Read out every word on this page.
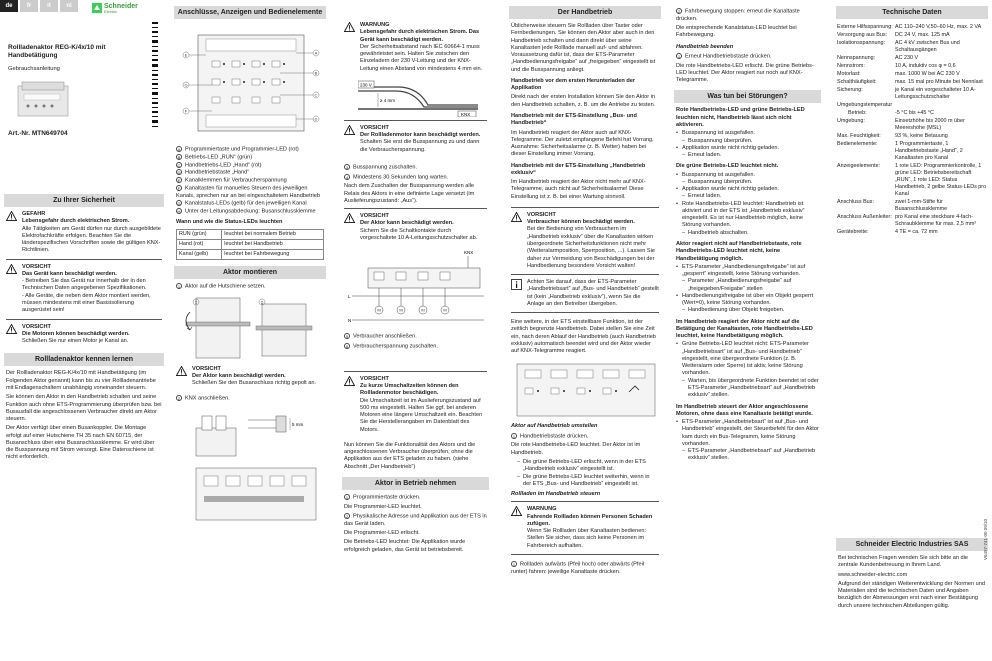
de	fr	it	nl	Schneider
Electric
Rollladenaktor REG-K/4x/10 mit Handbetätigung
Gebrauchsanleitung
Art.-Nr. MTN649704
Zu Ihrer Sicherheit
GEFAHR
Lebensgefahr durch elektrischen Strom.
Alle Tätigkeiten am Gerät dürfen nur durch ausgebildete Elektrofachkräfte erfolgen. Beachten Sie die länderspezifischen Vorschriften sowie die gültigen KNX-Richtlinien.
VORSICHT
Das Gerät kann beschädigt werden.
- Betreiben Sie das Gerät nur innerhalb der in den Technischen Daten angegebenen Spezifikationen.
- Alle Geräte, die neben dem Aktor montiert werden, müssen mindestens mit einer Basisisolierung ausgerüstet sein!
VORSICHT
Die Motoren können beschädigt werden.
Schließen Sie nur einen Motor je Kanal an.
Rollladenaktor kennen lernen
Der Rollladenaktor REG-K/4x/10 mit Handbetätigung (im Folgenden Aktor genannt) kann bis zu vier Rollladenantriebe mit Endlagenschaltern unabhängig voneinander steuern.
Sie können den Aktor in den Handbetrieb schalten und seine Funktion auch ohne ETS-Programmierung überprüfen bzw. bei Busausfall die angeschlossenen Verbraucher direkt am Aktor steuern.
Der Aktor verfügt über einen Busankoppler. Die Montage erfolgt auf einer Hutschiene TH 35 nach EN 60715, der Busanschluss über eine Busanschlussklemme. Er wird über die Busspannung mit Strom versorgt. Eine Datenschiene ist nicht erforderlich.
Anschlüsse, Anzeigen und Bedienelemente
E
G
F
A
B
C
D
A Programmiertaste und Programmier-LED (rot)
B Betriebs-LED „RUN“ (grün)
C Handbetriebs-LED „Hand“ (rot)
D Handbetriebstaste „Hand“
E Kanalklemmen für Verbraucherspannung
F Kanaltasten für manuelles Steuern des jeweiligen Kanals, sprechen nur an bei eingeschaltetem Handbetrieb
G Kanalstatus-LEDs (gelb) für den jeweiligen Kanal
H Unter der Leitungsabdeckung: Busanschlussklemme
Wann und wie die Status-LEDs leuchten
RUN (grün)	leuchtet bei normalem Betrieb
Hand (rot)	leuchtet bei Handbetrieb
Kanal (gelb)	leuchtet bei Fahrbewegung
Aktor montieren
1 Aktor auf die Hutschiene setzen.
1	2
VORSICHT
Der Aktor kann beschädigt werden.
Schließen Sie den Busanschluss richtig gepolt an.
2 KNX anschließen.
5 mm
WARNUNG
Lebensgefahr durch elektrischen Strom. Das Gerät kann beschädigt werden.
Der Sicherheitsabstand nach IEC 60664-1 muss gewährleistet sein. Halten Sie zwischen den Einzeladern der 230 V-Leitung und der KNX-Leitung einen Abstand von mindestens 4 mm ein.
230 V
≥ 4 mm
KNX
VORSICHT
Der Rollladenmotor kann beschädigt werden.
Schalten Sie erst die Busspannung zu und dann die Verbraucherspannung.
3 Busspannung zuschalten.
4 Mindestens 30 Sekunden lang warten.
Nach dem Zuschalten der Busspannung werden alle Relais des Aktors in eine definierte Lage versetzt (im Auslieferungszustand: „Aus“).
VORSICHT
Der Aktor kann beschädigt werden.
Sichern Sie die Schaltkontakte durch vorgeschaltete 10 A-Leitungsschutzschalter ab.
KNX
L
N
M	M	M	M
5 Verbraucher anschließen.
6 Verbraucherspannung zuschalten.
VORSICHT
Zu kurze Umschaltzeiten können den Rollladenmotor beschädigen.
Die Umschaltzeit ist im Auslieferungszustand auf 500 ms eingestellt. Halten Sie ggf. bei anderen Motoren eine längere Umschaltzeit ein. Beachten Sie die Herstellerangaben im Datenblatt des Motors.
Nun können Sie die Funktionalität des Aktors und die angeschlossenen Verbraucher überprüfen, ohne die Applikation aus der ETS geladen zu haben. (siehe Abschnitt „Der Handbetrieb“)
Aktor in Betrieb nehmen
1 Programmiertaste drücken.
Die Programmier-LED leuchtet.
2 Physikalische Adresse und Applikation aus der ETS in das Gerät laden.
Die Programmier-LED erlischt.
Die Betriebs-LED leuchtet: Die Applikation wurde erfolgreich geladen, das Gerät ist betriebsbereit.
Der Handbetrieb
Üblicherweise steuern Sie Rollladen über Taster oder Fernbedienungen. Sie können den Aktor aber auch in den Handbetrieb schalten und dann direkt über seine Kanaltasten jede Rolllade manuell auf- und abfahren. Voraussetzung dafür ist, dass der ETS-Parameter „Handbedienungsfreigabe“ auf „freigegeben“ eingestellt ist und die Busspannung anliegt.
Handbetrieb vor dem ersten Herunterladen der Applikation
Direkt nach der ersten Installation können Sie den Aktor in den Handbetrieb schalten, z. B. um die Antriebe zu testen.
Handbetrieb mit der ETS-Einstellung „Bus- und Handbetrieb“
Im Handbetrieb reagiert der Aktor auch auf KNX-Telegramme. Der zuletzt empfangene Befehl hat Vorrang. Ausnahme: Sicherheitsalarme (z. B. Wetter) haben bei dieser Einstellung immer Vorrang.
Handbetrieb mit der ETS-Einstellung „Handbetrieb exklusiv“
Im Handbetrieb reagiert der Aktor nicht mehr auf KNX-Telegramme, auch nicht auf Sicherheitsalarme! Diese Einstellung ist z. B. bei einer Wartung sinnvoll.
VORSICHT
Verbraucher können beschädigt werden.
Bei der Bedienung von Verbrauchern im „Handbetrieb exklusiv“ über die Kanaltasten wirken übergeordnete Sicherheitsfunktionen nicht mehr (Wetteralarmposition, Sperrposition, ...). Lassen Sie daher zur Vermeidung von Beschädigungen bei der Handbedienung besondere Vorsicht walten!
Achten Sie darauf, dass der ETS-Parameter „Handbetriebsart“ auf „Bus- und Handbetrieb“ gestellt ist (kein „Handbetrieb exklusiv“), wenn Sie die Anlage an den Betreiber übergeben.
Eine weitere, in der ETS einstellbare Funktion, ist der zeitlich begrenzte Handbetrieb. Dabei stellen Sie eine Zeit ein, nach deren Ablauf der Handbetrieb (auch Handbetrieb exklusiv) automatisch beendet wird und der Aktor wieder auf KNX-Telegramme reagiert.
Aktor auf Handbetrieb umstellen
1 Handbetriebstaste drücken.
Die rote Handbetriebs-LED leuchtet. Der Aktor ist im Handbetrieb.
– Die grüne Betriebs-LED erlischt, wenn in der ETS „Handbetrieb exklusiv“ eingestellt ist.
– Die grüne Betriebs-LED leuchtet weiterhin, wenn in der ETS „Bus- und Handbetrieb“ eingestellt ist.
Rollladen im Handbetrieb steuern
WARNUNG
Fahrende Rollladen können Personen Schaden zufügen.
Wenn Sie Rollladen über Kanaltasten bedienen: Stellen Sie sicher, dass sich keine Personen im Fahrbereich aufhalten.
1 Rollladen aufwärts (Pfeil hoch) oder abwärts (Pfeil runter) fahren: jeweilige Kanaltaste drücken.
2 Fahrbewegung stoppen: erneut die Kanaltaste drücken.
Die entsprechende Kanalstatus-LED leuchtet bei Fahrbewegung.
Handbetrieb beenden
1 Erneut Handbetriebstaste drücken.
Die rote Handbetriebs-LED erlischt. Die grüne Betriebs-LED leuchtet. Der Aktor reagiert nur noch auf KNX-Telegramme.
Was tun bei Störungen?
Rote Handbetriebs-LED und grüne Betriebs-LED leuchten nicht, Handbetrieb lässt sich nicht aktivieren.
• Busspannung ist ausgefallen.
– Busspannung überprüfen.
• Applikation wurde nicht richtig geladen.
– Erneut laden.
Die grüne Betriebs-LED leuchtet nicht.
• Busspannung ist ausgefallen.
– Busspannung überprüfen.
• Applikation wurde nicht richtig geladen.
– Erneut laden.
• Rote Handbetriebs-LED leuchtet: Handbetrieb ist aktiviert und in der ETS ist „Handbetrieb exklusiv“ eingestellt. Es ist nur Handbetrieb möglich, keine Störung vorhanden.
– Handbetrieb abschalten.
Aktor reagiert nicht auf Handbetriebstaste, rote Handbetriebs-LED leuchtet nicht, keine Handbetätigung möglich.
• ETS-Parameter „Handbedienungsfreigabe“ ist auf „gesperrt“ eingestellt, keine Störung vorhanden.
– Parameter „Handbedienungsfreigabe“ auf „freigegeben/Freigabe“ stellen
• Handbedienungsfreigabe ist über ein Objekt gesperrt (Wert=0), keine Störung vorhanden.
– Handbedienung über Objekt freigeben.
Im Handbetrieb reagiert der Aktor nicht auf die Betätigung der Kanaltasten, rote Handbetriebs-LED leuchtet, keine Handbetätigung möglich.
• Grüne Betriebs-LED leuchtet nicht: ETS-Parameter „Handbetriebsart“ ist auf „Bus- und Handbetrieb“ eingestellt, eine übergeordnete Funktion (z. B. Wetteralarm oder Sperre) ist aktiv, keine Störung vorhanden.
– Warten, bis übergeordnete Funktion beendet ist oder ETS-Parameter „Handbetriebsart“ auf „Handbetrieb exklusiv“ stellen.
Im Handbetrieb steuert der Aktor angeschlossene Motoren, ohne dass eine Kanaltaste betätigt wurde.
• ETS-Parameter „Handbetriebsart“ ist auf „Bus- und Handbetrieb“ eingestellt, der Steuerbefehl für den Aktor kam durch ein Bus-Telegramm, keine Störung vorhanden.
– ETS-Parameter „Handbetriebsart“ auf „Handbetrieb exklusiv“ stellen.
Technische Daten
Externe Hilfsspannung:	AC 110–240 V,50–60 Hz, max. 2 VA
Versorgung aus Bus:	DC 24 V, max. 125 mA
Isolationsspannung:	AC 4 kV zwischen Bus und Schaltausgängen
Nennspannung:	AC 230 V
Nennstrom:	10 A, induktiv cos φ = 0,6
Motorlast:	max. 1000 W bei AC 230 V
Schalthäufigkeit:	max. 15 mal pro Minute bei Nennlast
Sicherung:	je Kanal ein vorgeschalteter 10 A-Leitungsschutzschalter
Umgebungstemperatur	
Betrieb:	-5 °C bis +45 °C
Umgebung:	Einsetzhöhe bis 2000 m über Meereshöhe (MSL)
Max. Feuchtigkeit:	93 %, keine Betauung
Bedienelemente:	1 Programmiertaste, 1 Handbetriebstaste „Hand“, 2 Kanaltasten pro Kanal
Anzeigeelemente:	1 rote LED: Programmierkontrolle, 1 grüne LED: Betriebsbereitschaft „RUN“, 1 rote LED: Status Handbetrieb, 2 gelbe Status-LEDs pro Kanal
Anschluss Bus:	zwei 1-mm-Stifte für Busanschlussklemme
Anschluss Außenleiter:	pro Kanal eine steckbare 4-fach-Schraubklemme für max. 2,5 mm²
Gerätebreite:	4 TE = ca. 72 mm
Schneider Electric Industries SAS
Bei technischen Fragen wenden Sie sich bitte an die zentrale Kundenbetreuung in Ihrem Land.
www.schneider-electric.com
Aufgrund der ständigen Weiterentwicklung der Normen und Materialien sind die technischen Daten und Angaben bezüglich der Abmessungen erst nach einer Bestätigung durch unsere technischen Abteilungen gültig.
V6497-741-00 09/10
